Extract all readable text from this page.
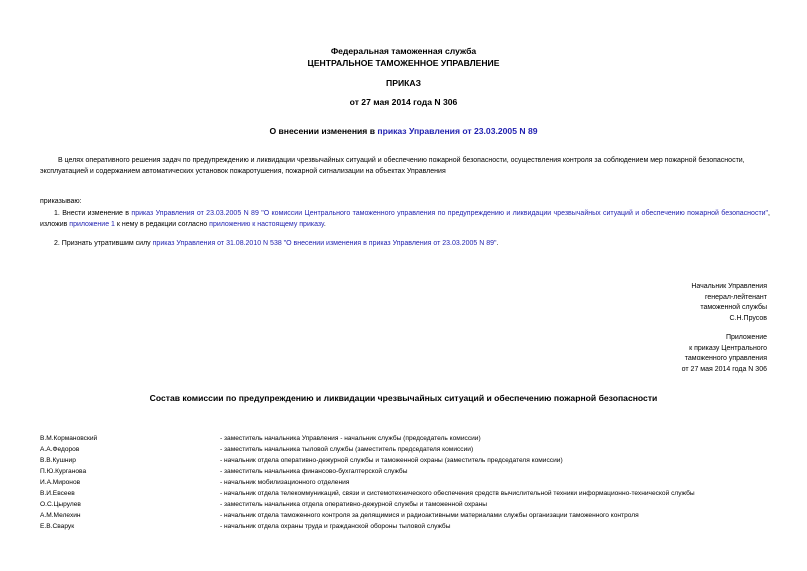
Федеральная таможенная служба
ЦЕНТРАЛЬНОЕ ТАМОЖЕННОЕ УПРАВЛЕНИЕ
ПРИКАЗ
от 27 мая 2014 года N 306
О внесении изменения в приказ Управления от 23.03.2005 N 89
В целях оперативного решения задач по предупреждению и ликвидации чрезвычайных ситуаций и обеспечению пожарной безопасности, осуществления контроля за соблюдением мер пожарной безопасности, эксплуатацией и содержанием автоматических установок пожаротушения, пожарной сигнализации на объектах Управления
приказываю:
1. Внести изменение в приказ Управления от 23.03.2005 N 89 "О комиссии Центрального таможенного управления по предупреждению и ликвидации чрезвычайных ситуаций и обеспечению пожарной безопасности", изложив приложение 1 к нему в редакции согласно приложению к настоящему приказу.
2. Признать утратившим силу приказ Управления от 31.08.2010 N 538 "О внесении изменения в приказ Управления от 23.03.2005 N 89".
Начальник Управления
генерал-лейтенант
таможенной службы
С.Н.Прусов
Приложение
к приказу Центрального
таможенного управления
от 27 мая 2014 года N 306
Состав комиссии по предупреждению и ликвидации чрезвычайных ситуаций и обеспечению пожарной безопасности
В.М.Кормановский	- заместитель начальника Управления - начальник службы (председатель комиссии)
А.А.Федоров	- заместитель начальника тыловой службы (заместитель председателя комиссии)
В.В.Кушнир	- начальник отдела оперативно-дежурной службы и таможенной охраны (заместитель председателя комиссии)
П.Ю.Курганова	- заместитель начальника финансово-бухгалтерской службы
И.А.Миронов	- начальник мобилизационного отделения
В.И.Евсеев	- начальник отдела телекоммуникаций, связи и системотехнического обеспечения средств вычислительной техники информационно-технической службы
О.С.Цырулев	- заместитель начальника отдела оперативно-дежурной службы и таможенной охраны
А.М.Мелехин	- начальник отдела таможенного контроля за делящимися и радиоактивными материалами службы организации таможенного контроля
Е.В.Сварук	- начальник отдела охраны труда и гражданской обороны тыловой службы
